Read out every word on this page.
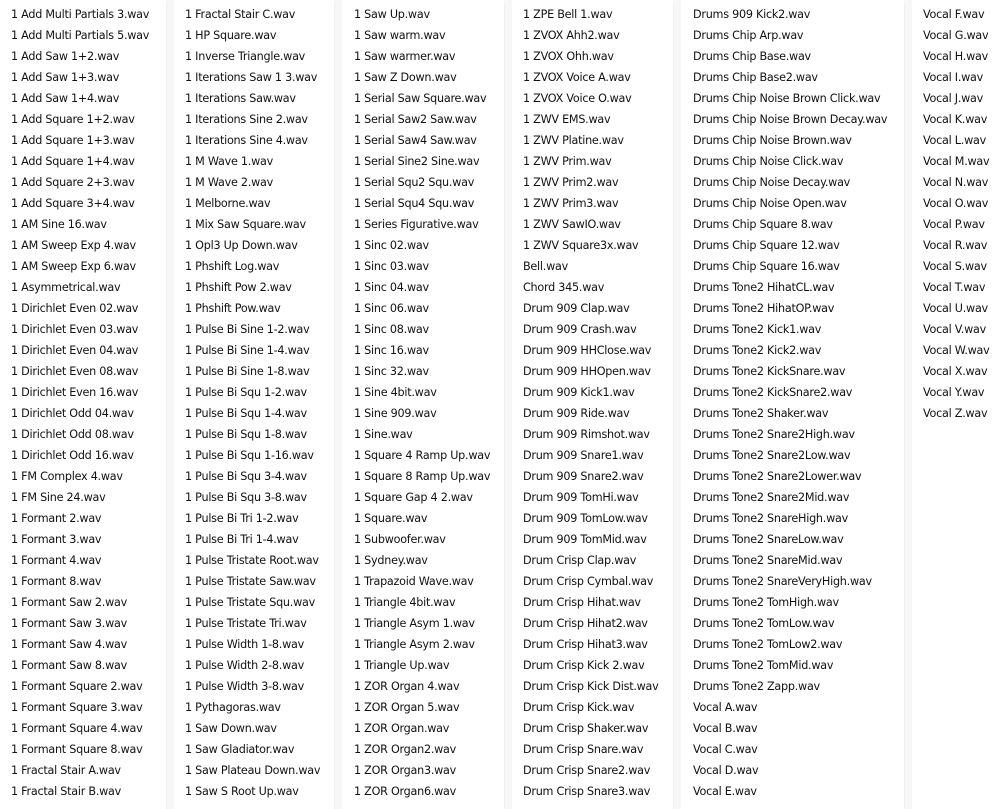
1 Add Multi Partials 3.wav
1 Add Multi Partials 5.wav
1 Add Saw 1+2.wav
1 Add Saw 1+3.wav
1 Add Saw 1+4.wav
1 Add Square 1+2.wav
1 Add Square 1+3.wav
1 Add Square 1+4.wav
1 Add Square 2+3.wav
1 Add Square 3+4.wav
1 AM Sine 16.wav
1 AM Sweep Exp 4.wav
1 AM Sweep Exp 6.wav
1 Asymmetrical.wav
1 Dirichlet Even 02.wav
1 Dirichlet Even 03.wav
1 Dirichlet Even 04.wav
1 Dirichlet Even 08.wav
1 Dirichlet Even 16.wav
1 Dirichlet Odd 04.wav
1 Dirichlet Odd 08.wav
1 Dirichlet Odd 16.wav
1 FM Complex 4.wav
1 FM Sine 24.wav
1 Formant 2.wav
1 Formant 3.wav
1 Formant 4.wav
1 Formant 8.wav
1 Formant Saw 2.wav
1 Formant Saw 3.wav
1 Formant Saw 4.wav
1 Formant Saw 8.wav
1 Formant Square 2.wav
1 Formant Square 3.wav
1 Formant Square 4.wav
1 Formant Square 8.wav
1 Fractal Stair A.wav
1 Fractal Stair B.wav
1 Fractal Stair C.wav
1 HP Square.wav
1 Inverse Triangle.wav
1 Iterations Saw 1 3.wav
1 Iterations Saw.wav
1 Iterations Sine 2.wav
1 Iterations Sine 4.wav
1 M Wave 1.wav
1 M Wave 2.wav
1 Melborne.wav
1 Mix Saw Square.wav
1 Opl3 Up Down.wav
1 Phshift Log.wav
1 Phshift Pow 2.wav
1 Phshift Pow.wav
1 Pulse Bi Sine 1-2.wav
1 Pulse Bi Sine 1-4.wav
1 Pulse Bi Sine 1-8.wav
1 Pulse Bi Squ 1-2.wav
1 Pulse Bi Squ 1-4.wav
1 Pulse Bi Squ 1-8.wav
1 Pulse Bi Squ 1-16.wav
1 Pulse Bi Squ 3-4.wav
1 Pulse Bi Squ 3-8.wav
1 Pulse Bi Tri 1-2.wav
1 Pulse Bi Tri 1-4.wav
1 Pulse Tristate Root.wav
1 Pulse Tristate Saw.wav
1 Pulse Tristate Squ.wav
1 Pulse Tristate Tri.wav
1 Pulse Width 1-8.wav
1 Pulse Width 2-8.wav
1 Pulse Width 3-8.wav
1 Pythagoras.wav
1 Saw Down.wav
1 Saw Gladiator.wav
1 Saw Plateau Down.wav
1 Saw S Root Up.wav
1 Saw Up.wav
1 Saw warm.wav
1 Saw warmer.wav
1 Saw Z Down.wav
1 Serial Saw Square.wav
1 Serial Saw2 Saw.wav
1 Serial Saw4 Saw.wav
1 Serial Sine2 Sine.wav
1 Serial Squ2 Squ.wav
1 Serial Squ4 Squ.wav
1 Series Figurative.wav
1 Sinc 02.wav
1 Sinc 03.wav
1 Sinc 04.wav
1 Sinc 06.wav
1 Sinc 08.wav
1 Sinc 16.wav
1 Sinc 32.wav
1 Sine 4bit.wav
1 Sine 909.wav
1 Sine.wav
1 Square 4 Ramp Up.wav
1 Square 8 Ramp Up.wav
1 Square Gap 4 2.wav
1 Square.wav
1 Subwoofer.wav
1 Sydney.wav
1 Trapazoid Wave.wav
1 Triangle 4bit.wav
1 Triangle Asym 1.wav
1 Triangle Asym 2.wav
1 Triangle Up.wav
1 ZOR Organ 4.wav
1 ZOR Organ 5.wav
1 ZOR Organ.wav
1 ZOR Organ2.wav
1 ZOR Organ3.wav
1 ZOR Organ6.wav
1 ZPE Bell 1.wav
1 ZVOX Ahh2.wav
1 ZVOX Ohh.wav
1 ZVOX Voice A.wav
1 ZVOX Voice O.wav
1 ZWV EMS.wav
1 ZWV Platine.wav
1 ZWV Prim.wav
1 ZWV Prim2.wav
1 ZWV Prim3.wav
1 ZWV SawIO.wav
1 ZWV Square3x.wav
Bell.wav
Chord 345.wav
Drum 909 Clap.wav
Drum 909 Crash.wav
Drum 909 HHClose.wav
Drum 909 HHOpen.wav
Drum 909 Kick1.wav
Drum 909 Ride.wav
Drum 909 Rimshot.wav
Drum 909 Snare1.wav
Drum 909 Snare2.wav
Drum 909 TomHi.wav
Drum 909 TomLow.wav
Drum 909 TomMid.wav
Drum Crisp Clap.wav
Drum Crisp Cymbal.wav
Drum Crisp Hihat.wav
Drum Crisp Hihat2.wav
Drum Crisp Hihat3.wav
Drum Crisp Kick 2.wav
Drum Crisp Kick Dist.wav
Drum Crisp Kick.wav
Drum Crisp Shaker.wav
Drum Crisp Snare.wav
Drum Crisp Snare2.wav
Drum Crisp Snare3.wav
Drums 909 Kick2.wav
Drums Chip Arp.wav
Drums Chip Base.wav
Drums Chip Base2.wav
Drums Chip Noise Brown Click.wav
Drums Chip Noise Brown Decay.wav
Drums Chip Noise Brown.wav
Drums Chip Noise Click.wav
Drums Chip Noise Decay.wav
Drums Chip Noise Open.wav
Drums Chip Square 8.wav
Drums Chip Square 12.wav
Drums Chip Square 16.wav
Drums Tone2 HihatCL.wav
Drums Tone2 HihatOP.wav
Drums Tone2 Kick1.wav
Drums Tone2 Kick2.wav
Drums Tone2 KickSnare.wav
Drums Tone2 KickSnare2.wav
Drums Tone2 Shaker.wav
Drums Tone2 Snare2High.wav
Drums Tone2 Snare2Low.wav
Drums Tone2 Snare2Lower.wav
Drums Tone2 Snare2Mid.wav
Drums Tone2 SnareHigh.wav
Drums Tone2 SnareLow.wav
Drums Tone2 SnareMid.wav
Drums Tone2 SnareVeryHigh.wav
Drums Tone2 TomHigh.wav
Drums Tone2 TomLow.wav
Drums Tone2 TomLow2.wav
Drums Tone2 TomMid.wav
Drums Tone2 Zapp.wav
Vocal A.wav
Vocal B.wav
Vocal C.wav
Vocal D.wav
Vocal E.wav
Vocal F.wav
Vocal G.wav
Vocal H.wav
Vocal I.wav
Vocal J.wav
Vocal K.wav
Vocal L.wav
Vocal M.wav
Vocal N.wav
Vocal O.wav
Vocal P.wav
Vocal R.wav
Vocal S.wav
Vocal T.wav
Vocal U.wav
Vocal V.wav
Vocal W.wav
Vocal X.wav
Vocal Y.wav
Vocal Z.wav
